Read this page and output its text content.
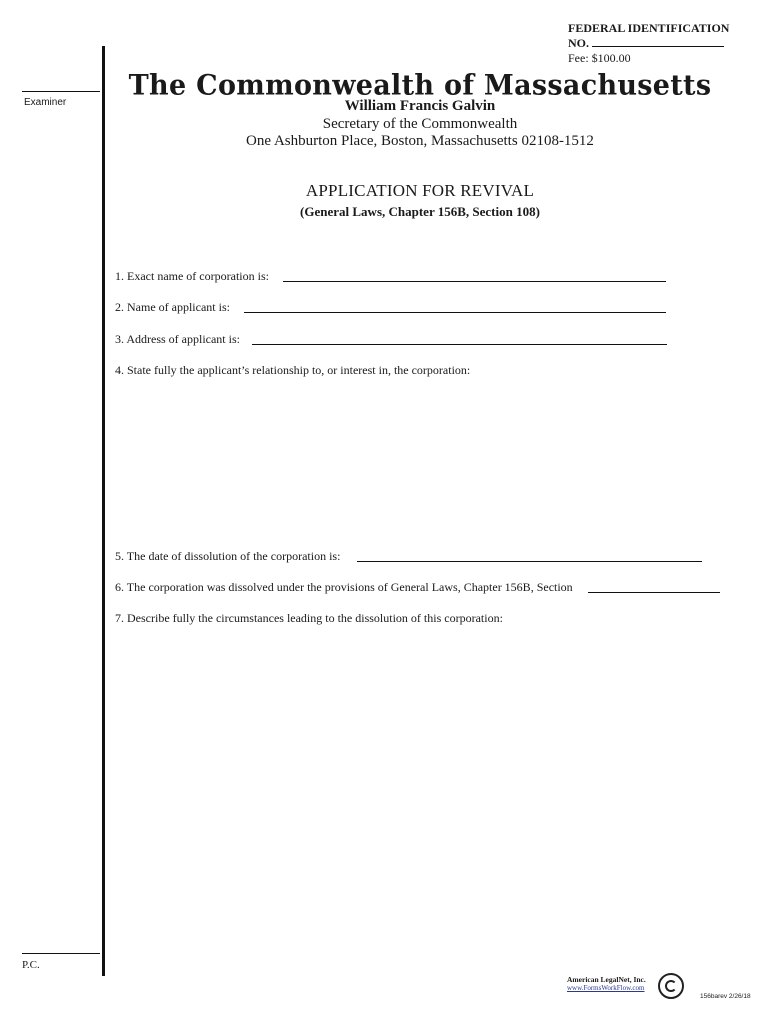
Examiner
P.C.
FEDERAL IDENTIFICATION
NO.
Fee: $100.00
The Commonwealth of Massachusetts
William Francis Galvin
Secretary of the Commonwealth
One Ashburton Place, Boston, Massachusetts 02108-1512
APPLICATION FOR REVIVAL
(General Laws, Chapter 156B, Section 108)
1. Exact name of corporation is:
2. Name of applicant is:
3. Address of applicant is:
4. State fully the applicant’s relationship to, or interest in, the corporation:
5. The date of dissolution of the corporation is:
6. The corporation was dissolved under the provisions of General Laws, Chapter 156B, Section
7. Describe fully the circumstances leading to the dissolution of this corporation:
American LegalNet, Inc.
www.FormsWorkFlow.com
156barev 2/26/18
